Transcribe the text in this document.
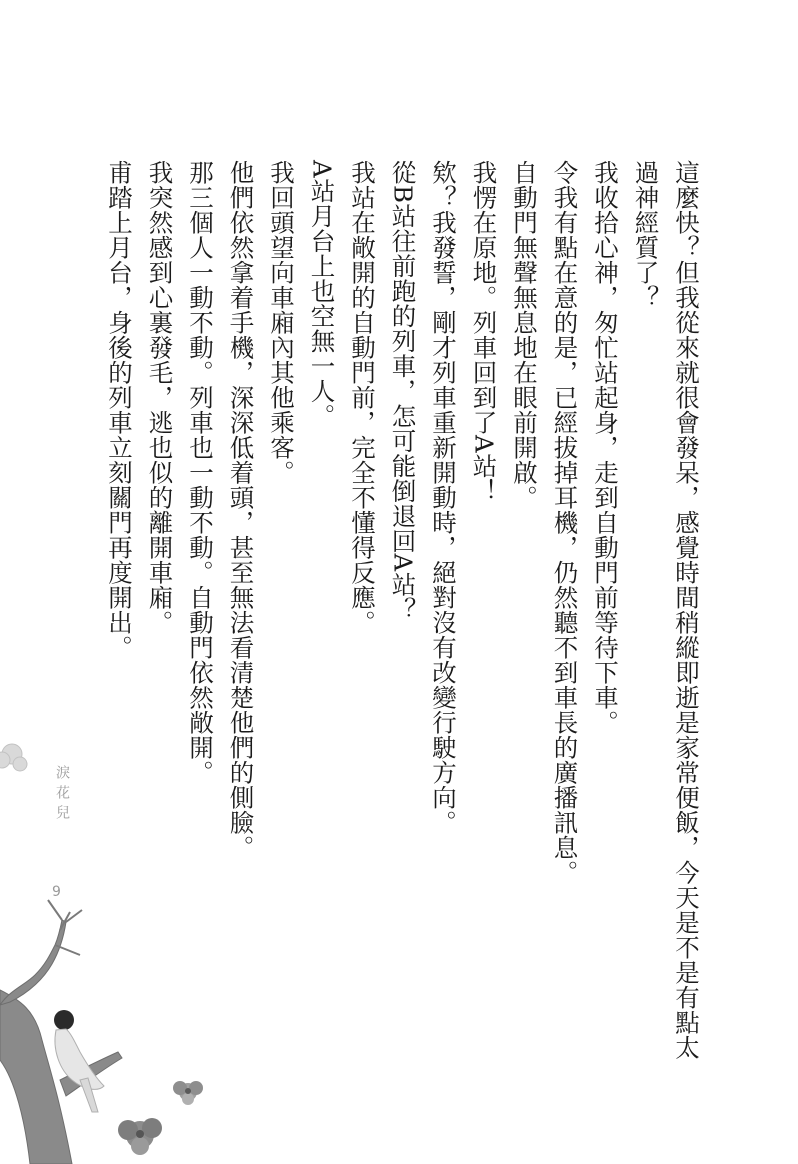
這麼快？但我從來就很會發呆，感覺時間稍縱即逝是家常便飯，今天是不是有點太過神經質了？

我收拾心神，匆忙站起身，走到自動門前等待下車。

令我有點在意的是，已經拔掉耳機，仍然聽不到車長的廣播訊息。

自動門無聲無息地在眼前開啟。

我愣在原地。列車回到了A站！

欸？我發誓，剛才列車重新開動時，絕對沒有改變行駛方向。

從B站往前跑的列車，怎可能倒退回A站？

我站在敞開的自動門前，完全不懂得反應。

A站月台上也空無一人。

我回頭望向車廂內其他乘客。

他們依然拿着手機，深深低着頭，甚至無法看清楚他們的側臉。

那三個人一動不動。列車也一動不動。自動門依然敞開。

我突然感到心裏發毛，逃也似的離開車廂。

甫踏上月台，身後的列車立刻關門再度開出。

淚花兒
9
